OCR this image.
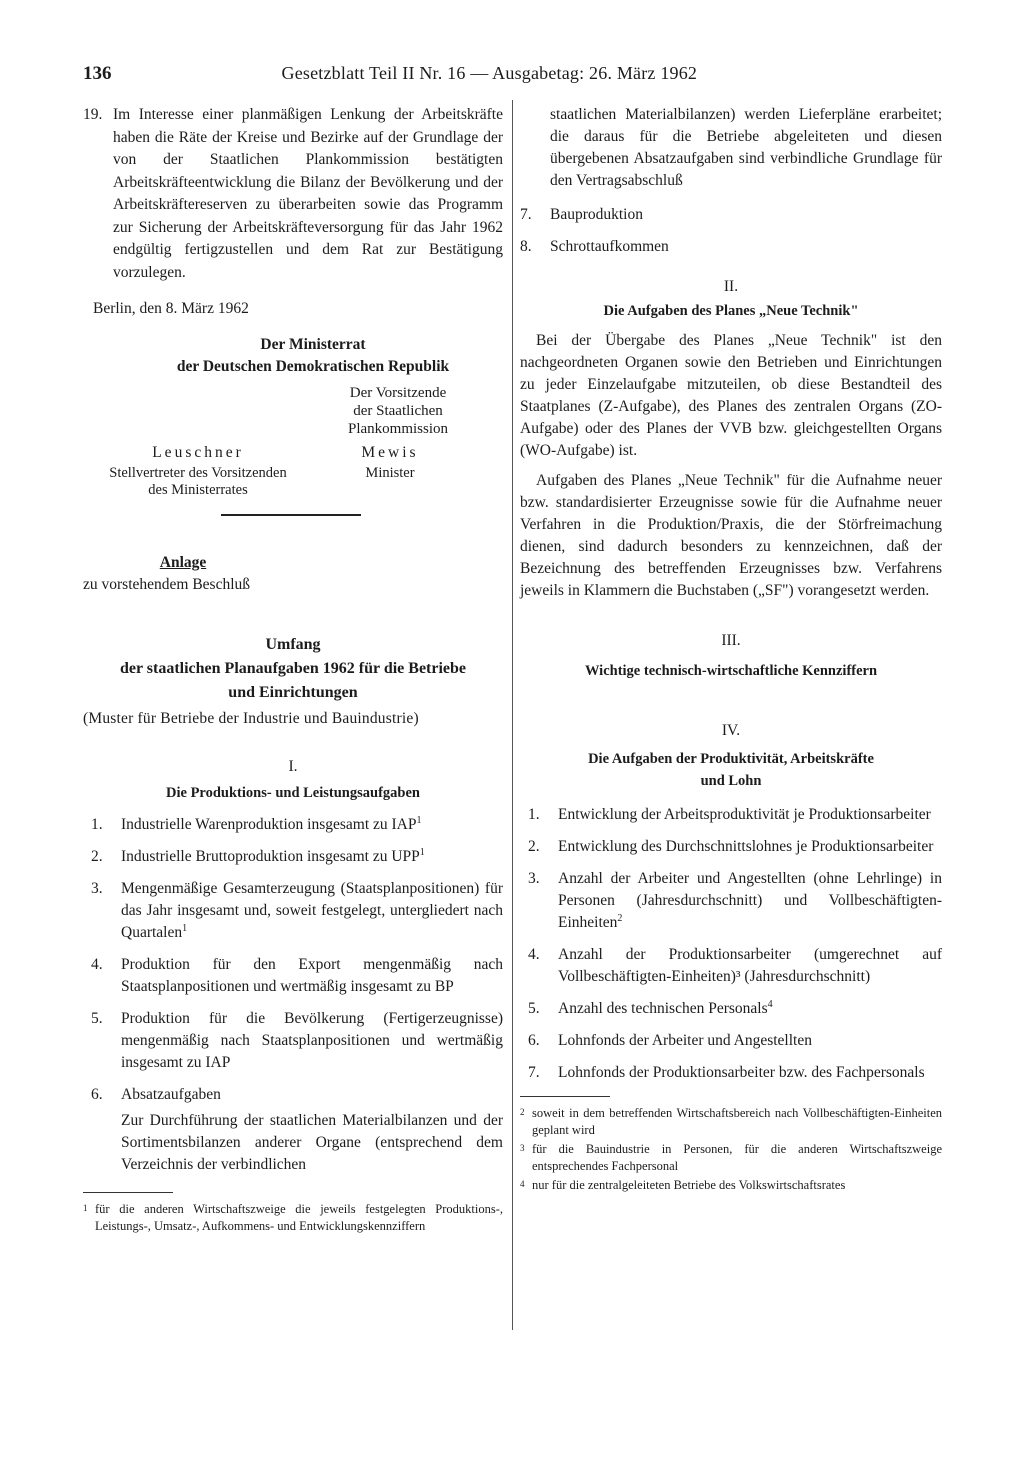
136	Gesetzblatt Teil II Nr. 16 — Ausgabetag: 26. März 1962
19. Im Interesse einer planmäßigen Lenkung der Arbeitskräfte haben die Räte der Kreise und Bezirke auf der Grundlage der von der Staatlichen Plankommission bestätigten Arbeitskräfteentwicklung die Bilanz der Bevölkerung und der Arbeitskräftereserven zu überarbeiten sowie das Programm zur Sicherung der Arbeitskräfteversorgung für das Jahr 1962 endgültig fertigzustellen und dem Rat zur Bestätigung vorzulegen.

Berlin, den 8. März 1962

Der Ministerrat

der Deutschen Demokratischen Republik

Der Vorsitzende
der Staatlichen
Plankommission
Leuschner
Stellvertreter des Vorsitzenden
des Ministerrates
Mewis
Minister

Anlage

zu vorstehendem Beschluß

Umfang

der staatlichen Planaufgaben 1962 für die Betriebe

und Einrichtungen

(Muster für Betriebe der Industrie und Bauindustrie)

I.

Die Produktions- und Leistungsaufgaben

1.	Industrielle Warenproduktion insgesamt zu IAP$^1$
2.	Industrielle Bruttoproduktion insgesamt zu UPP$^1$
3.	Mengenmäßige Gesamterzeugung (Staatsplanpositionen) für das Jahr insgesamt und, soweit festgelegt, untergliedert nach Quartalen$^1$
4.	Produktion für den Export mengenmäßig nach Staatsplanpositionen und wertmäßig insgesamt zu BP
5.	Produktion für die Bevölkerung (Fertigerzeugnisse) mengenmäßig nach Staatsplanpositionen und wertmäßig insgesamt zu IAP
6.	Absatzaufgaben
Zur Durchführung der staatlichen Materialbilanzen und der Sortimentsbilanzen anderer Organe (entsprechend dem Verzeichnis der verbindlichen
1 für die anderen Wirtschaftszweige die jeweils festgelegten Produktions-, Leistungs-, Umsatz-, Aufkommens- und Entwicklungskennziffern

staatlichen Materialbilanzen) werden Lieferpläne erarbeitet; die daraus für die Betriebe abgeleiteten und diesen übergebenen Absatzaufgaben sind verbindliche Grundlage für den Vertragsabschluß

7.	Bauproduktion
8.	Schrottaufkommen

II.

Die Aufgaben des Planes „Neue Technik"

Bei der Übergabe des Planes „Neue Technik" ist den nachgeordneten Organen sowie den Betrieben und Einrichtungen zu jeder Einzelaufgabe mitzuteilen, ob diese Bestandteil des Staatplanes (Z-Aufgabe), des Planes des zentralen Organs (ZO-Aufgabe) oder des Planes der VVB bzw. gleichgestellten Organs (WO-Aufgabe) ist.

Aufgaben des Planes „Neue Technik" für die Aufnahme neuer bzw. standardisierter Erzeugnisse sowie für die Aufnahme neuer Verfahren in die Produktion/Praxis, die der Störfreimachung dienen, sind dadurch besonders zu kennzeichnen, daß der Bezeichnung des betreffenden Erzeugnisses bzw. Verfahrens jeweils in Klammern die Buchstaben („SF") vorangesetzt werden.

III.

Wichtige technisch-wirtschaftliche Kennziffern

IV.

Die Aufgaben der Produktivität, Arbeitskräfte

und Lohn

1.	Entwicklung der Arbeitsproduktivität je Produktionsarbeiter
2.	Entwicklung des Durchschnittslohnes je Produktionsarbeiter
3.	Anzahl der Arbeiter und Angestellten (ohne Lehrlinge) in Personen (Jahresdurchschnitt) und Vollbeschäftigten-Einheiten$^2$
4.	Anzahl der Produktionsarbeiter (umgerechnet auf Vollbeschäftigten-Einheiten)³ (Jahresdurchschnitt)
5.	Anzahl des technischen Personals$^4$
6.	Lohnfonds der Arbeiter und Angestellten
7.	Lohnfonds der Produktionsarbeiter bzw. des Fachpersonals
2 soweit in dem betreffenden Wirtschaftsbereich nach Vollbeschäftigten-Einheiten geplant wird
3 für die Bauindustrie in Personen, für die anderen Wirtschaftszweige entsprechendes Fachpersonal
4 nur für die zentralgeleiteten Betriebe des Volkswirtschaftsrates
